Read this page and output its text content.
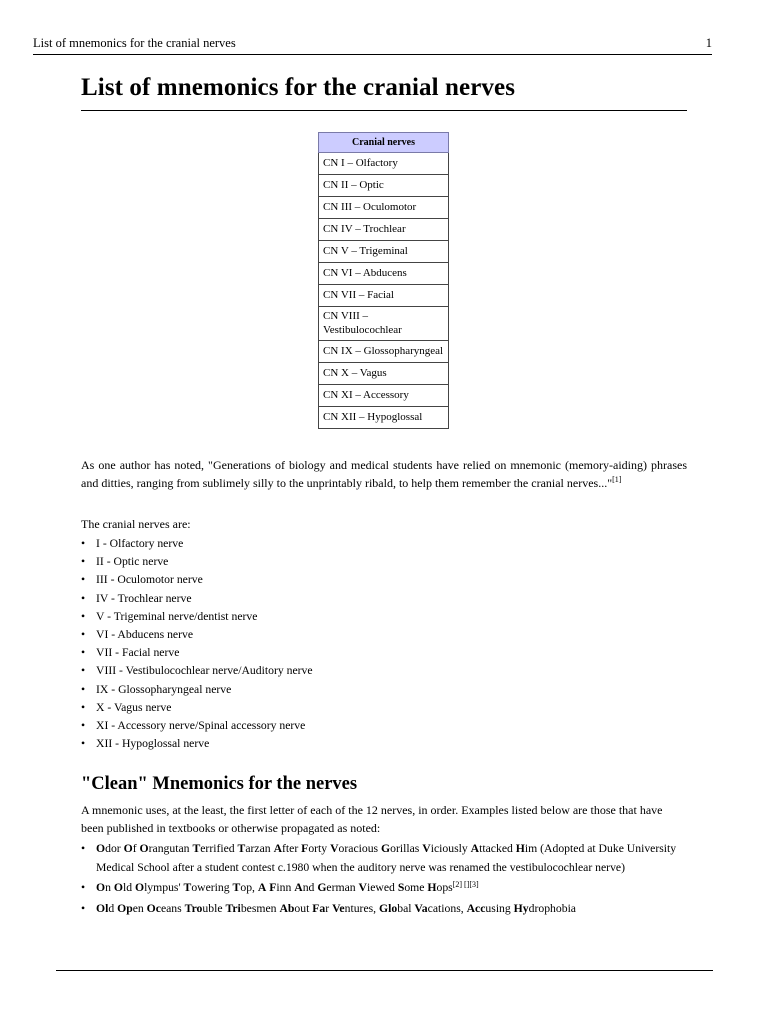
List of mnemonics for the cranial nerves	1
List of mnemonics for the cranial nerves
Cranial nerves
CN I – Olfactory
CN II – Optic
CN III – Oculomotor
CN IV – Trochlear
CN V – Trigeminal
CN VI – Abducens
CN VII – Facial
CN VIII – Vestibulocochlear
CN IX – Glossopharyngeal
CN X – Vagus
CN XI – Accessory
CN XII – Hypoglossal
As one author has noted, "Generations of biology and medical students have relied on mnemonic (memory-aiding) phrases and ditties, ranging from sublimely silly to the unprintably ribald, to help them remember the cranial nerves..."[1]
The cranial nerves are:
• I - Olfactory nerve
• II - Optic nerve
• III - Oculomotor nerve
• IV - Trochlear nerve
• V - Trigeminal nerve/dentist nerve
• VI - Abducens nerve
• VII - Facial nerve
• VIII - Vestibulocochlear nerve/Auditory nerve
• IX - Glossopharyngeal nerve
• X - Vagus nerve
• XI - Accessory nerve/Spinal accessory nerve
• XII - Hypoglossal nerve
"Clean" Mnemonics for the nerves
A mnemonic uses, at the least, the first letter of each of the 12 nerves, in order. Examples listed below are those that have been published in textbooks or otherwise propagated as noted:
• Odor Of Orangutan Terrified Tarzan After Forty Voracious Gorillas Viciously Attacked Him (Adopted at Duke University Medical School after a student contest c.1980 when the auditory nerve was renamed the vestibulocochlear nerve)
• On Old Olympus' Towering Top, A Finn And German Viewed Some Hops[2] [][3]
• Old Open Oceans Trouble Tribesmen About Far Ventures, Global Vacations, Accusing Hydrophobia
